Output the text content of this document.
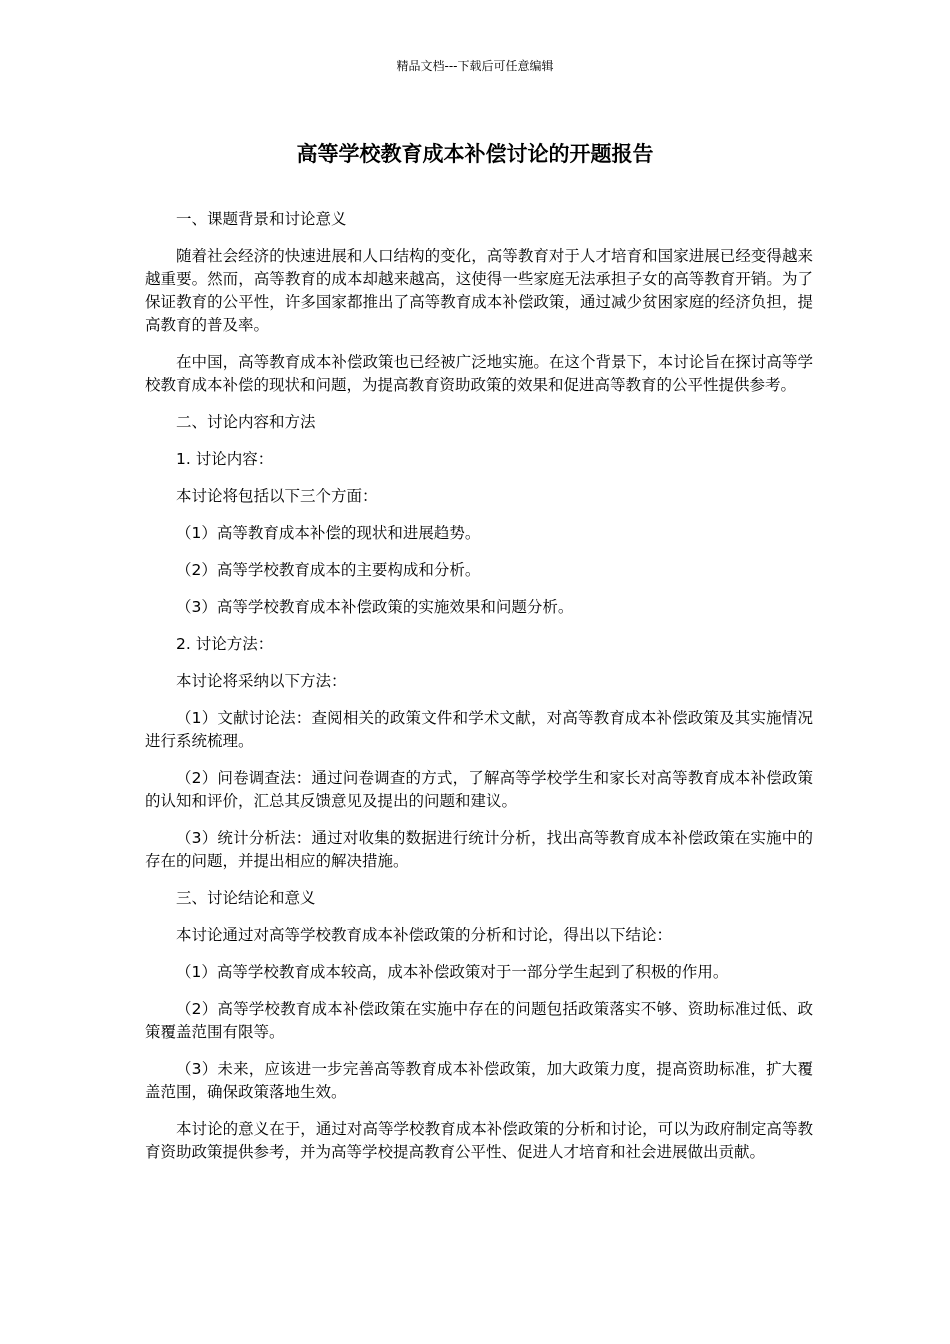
精品文档---下载后可任意编辑
高等学校教育成本补偿讨论的开题报告

一、课题背景和讨论意义

随着社会经济的快速进展和人口结构的变化，高等教育对于人才培育和国家进展已经变得越来越重要。然而，高等教育的成本却越来越高，这使得一些家庭无法承担子女的高等教育开销。为了保证教育的公平性，许多国家都推出了高等教育成本补偿政策，通过减少贫困家庭的经济负担，提高教育的普及率。

在中国，高等教育成本补偿政策也已经被广泛地实施。在这个背景下，本讨论旨在探讨高等学校教育成本补偿的现状和问题，为提高教育资助政策的效果和促进高等教育的公平性提供参考。

二、讨论内容和方法

1. 讨论内容：

本讨论将包括以下三个方面：

（1）高等教育成本补偿的现状和进展趋势。

（2）高等学校教育成本的主要构成和分析。

（3）高等学校教育成本补偿政策的实施效果和问题分析。

2. 讨论方法：

本讨论将采纳以下方法：

（1）文献讨论法：查阅相关的政策文件和学术文献，对高等教育成本补偿政策及其实施情况进行系统梳理。

（2）问卷调查法：通过问卷调查的方式，了解高等学校学生和家长对高等教育成本补偿政策的认知和评价，汇总其反馈意见及提出的问题和建议。

（3）统计分析法：通过对收集的数据进行统计分析，找出高等教育成本补偿政策在实施中的存在的问题，并提出相应的解决措施。

三、讨论结论和意义

本讨论通过对高等学校教育成本补偿政策的分析和讨论，得出以下结论：

（1）高等学校教育成本较高，成本补偿政策对于一部分学生起到了积极的作用。

（2）高等学校教育成本补偿政策在实施中存在的问题包括政策落实不够、资助标准过低、政策覆盖范围有限等。

（3）未来，应该进一步完善高等教育成本补偿政策，加大政策力度，提高资助标准，扩大覆盖范围，确保政策落地生效。

本讨论的意义在于，通过对高等学校教育成本补偿政策的分析和讨论，可以为政府制定高等教育资助政策提供参考，并为高等学校提高教育公平性、促进人才培育和社会进展做出贡献。
